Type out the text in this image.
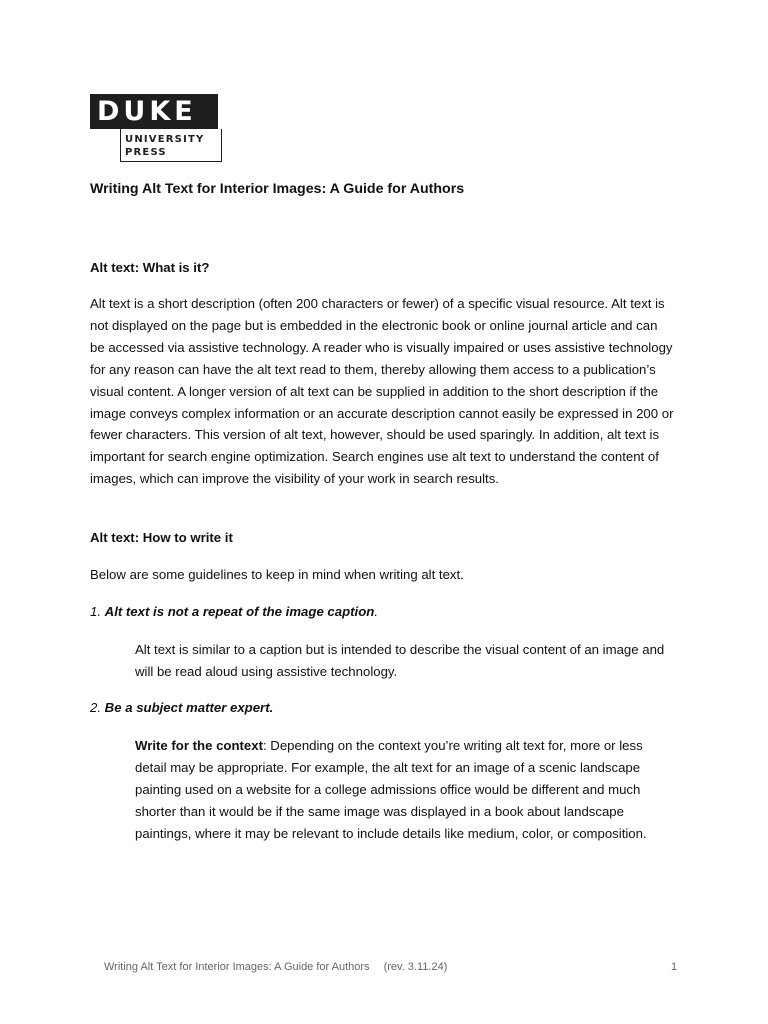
DUKE
UNIVERSITY
PRESS
Writing Alt Text for Interior Images: A Guide for Authors
Alt text: What is it?
Alt text is a short description (often 200 characters or fewer) of a specific visual resource. Alt text is not displayed on the page but is embedded in the electronic book or online journal article and can be accessed via assistive technology. A reader who is visually impaired or uses assistive technology for any reason can have the alt text read to them, thereby allowing them access to a publication’s visual content. A longer version of alt text can be supplied in addition to the short description if the image conveys complex information or an accurate description cannot easily be expressed in 200 or fewer characters. This version of alt text, however, should be used sparingly. In addition, alt text is important for search engine optimization. Search engines use alt text to understand the content of images, which can improve the visibility of your work in search results.
Alt text: How to write it
Below are some guidelines to keep in mind when writing alt text.
1. Alt text is not a repeat of the image caption.
Alt text is similar to a caption but is intended to describe the visual content of an image and will be read aloud using assistive technology.
2. Be a subject matter expert.
Write for the context: Depending on the context you’re writing alt text for, more or less detail may be appropriate. For example, the alt text for an image of a scenic landscape painting used on a website for a college admissions office would be different and much shorter than it would be if the same image was displayed in a book about landscape paintings, where it may be relevant to include details like medium, color, or composition.
Writing Alt Text for Interior Images: A Guide for Authors (rev. 3.11.24)	1
